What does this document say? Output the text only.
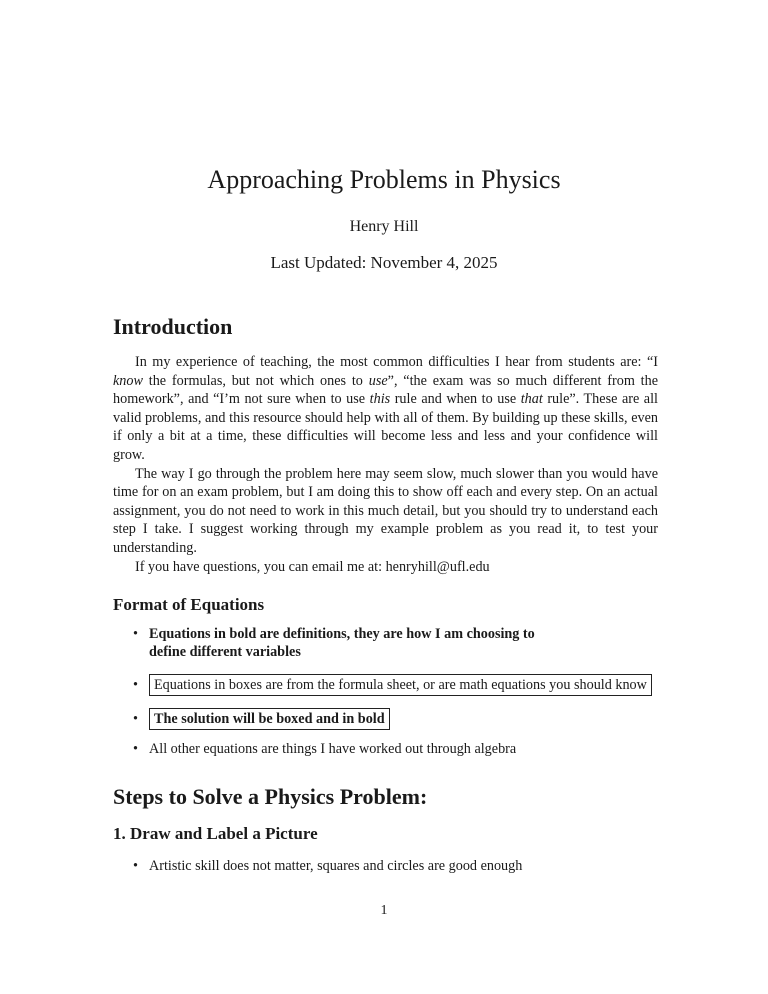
Approaching Problems in Physics
Henry Hill
Last Updated: November 4, 2025
Introduction

In my experience of teaching, the most common difficulties I hear from students are: “I know the formulas, but not which ones to use”, “the exam was so much different from the homework”, and “I’m not sure when to use this rule and when to use that rule”. These are all valid problems, and this resource should help with all of them. By building up these skills, even if only a bit at a time, these difficulties will become less and less and your confidence will grow.

The way I go through the problem here may seem slow, much slower than you would have time for on an exam problem, but I am doing this to show off each and every step. On an actual assignment, you do not need to work in this much detail, but you should try to understand each step I take. I suggest working through my example problem as you read it, to test your understanding.

If you have questions, you can email me at: henryhill@ufl.edu

Format of Equations
• Equations in bold are definitions, they are how I am choosing to
define different variables
•	Equations in boxes are from the formula sheet, or are math equations you should know
•	The solution will be boxed and in bold
• All other equations are things I have worked out through algebra
Steps to Solve a Physics Problem:
1. Draw and Label a Picture
• Artistic skill does not matter, squares and circles are good enough
1
